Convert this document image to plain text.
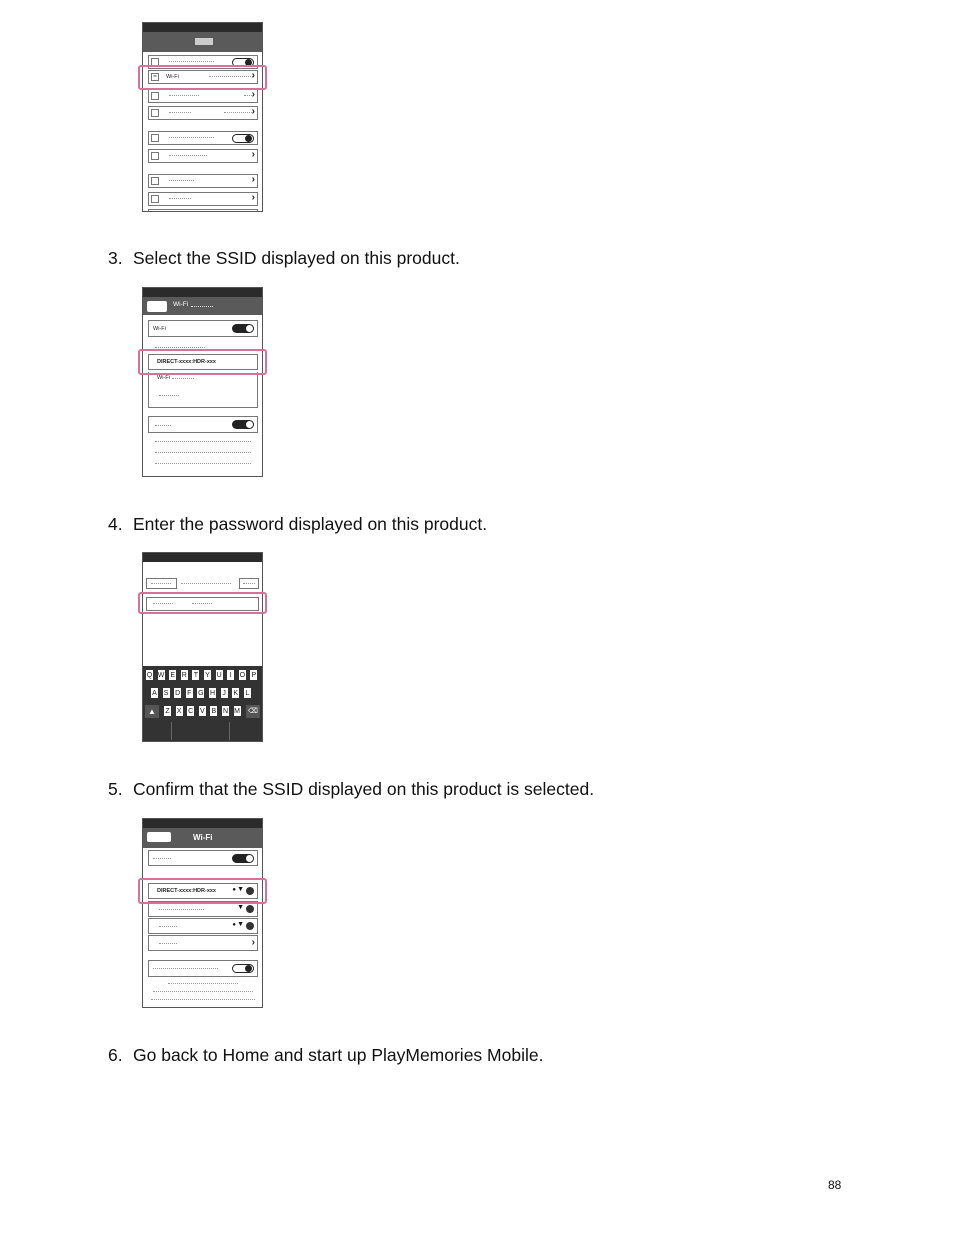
≈	Wi-Fi	›
›
›
›
›
›
3. Select the SSID displayed on this product.
Wi-Fi
Wi-Fi
DIRECT-xxxx:HDR-xxx
Wi-Fi
4. Enter the password displayed on this product.
Q W E R T	Y U	I	O P
A S D F G H	J	K	L
Z	X C V B N M
▲	⌫
5. Confirm that the SSID displayed on this product is selected.
Wi-Fi
DIRECT-xxxx:HDR-xxx	● ▼
▼
● ▼
›
6. Go back to Home and start up PlayMemories Mobile.
88
